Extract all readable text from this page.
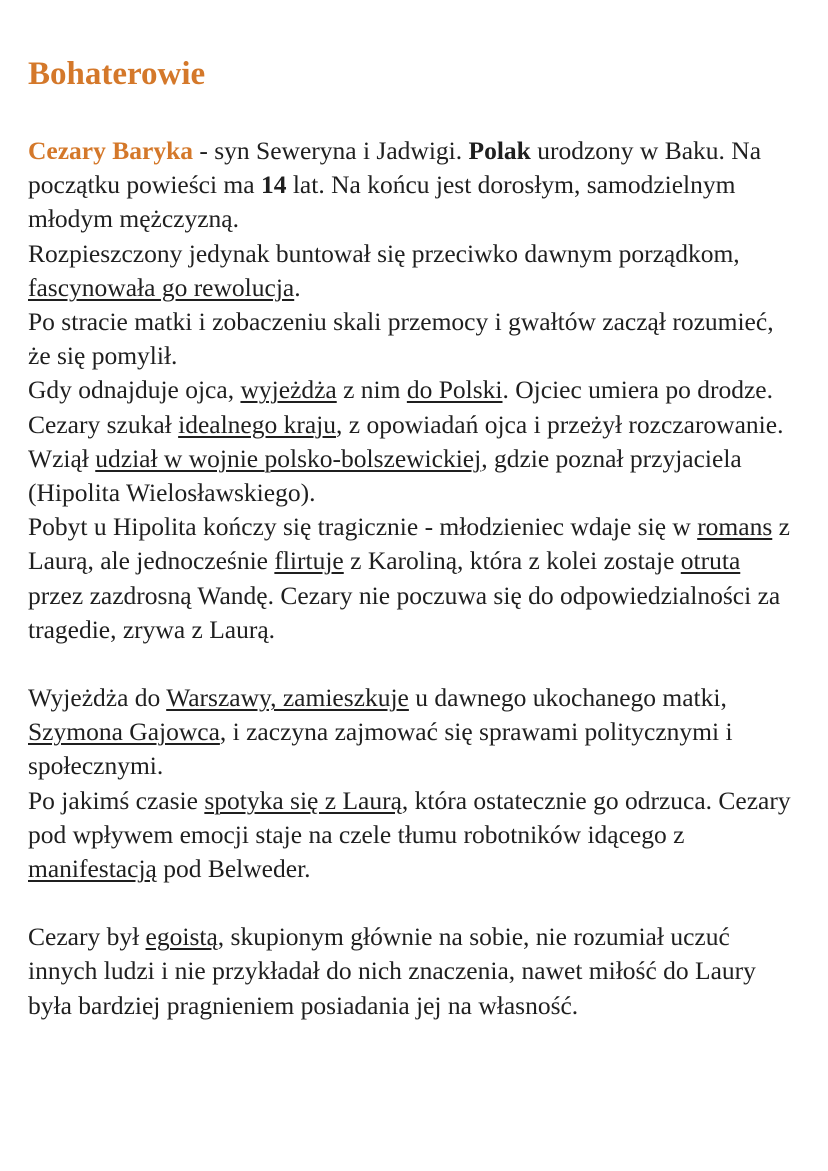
Bohaterowie

Cezary Baryka - syn Seweryna i Jadwigi. Polak urodzony w Baku. Na początku powieści ma 14 lat. Na końcu jest dorosłym, samodzielnym młodym mężczyzną.

Rozpieszczony jedynak buntował się przeciwko dawnym porządkom, fascynowała go rewolucja.

Po stracie matki i zobaczeniu skali przemocy i gwałtów zaczął rozumieć, że się pomylił.

Gdy odnajduje ojca, wyjeżdża z nim do Polski. Ojciec umiera po drodze.

Cezary szukał idealnego kraju, z opowiadań ojca i przeżył rozczarowanie.

Wziął udział w wojnie polsko-bolszewickiej, gdzie poznał przyjaciela (Hipolita Wielosławskiego).

Pobyt u Hipolita kończy się tragicznie - młodzieniec wdaje się w romans z Laurą, ale jednocześnie flirtuje z Karoliną, która z kolei zostaje otruta przez zazdrosną Wandę. Cezary nie poczuwa się do odpowiedzialności za tragedie, zrywa z Laurą.

Wyjeżdża do Warszawy, zamieszkuje u dawnego ukochanego matki, Szymona Gajowca, i zaczyna zajmować się sprawami politycznymi i społecznymi.

Po jakimś czasie spotyka się z Laurą, która ostatecznie go odrzuca. Cezary pod wpływem emocji staje na czele tłumu robotników idącego z manifestacją pod Belweder.

Cezary był egoistą, skupionym głównie na sobie, nie rozumiał uczuć innych ludzi i nie przykładał do nich znaczenia, nawet miłość do Laury była bardziej pragnieniem posiadania jej na własność.
